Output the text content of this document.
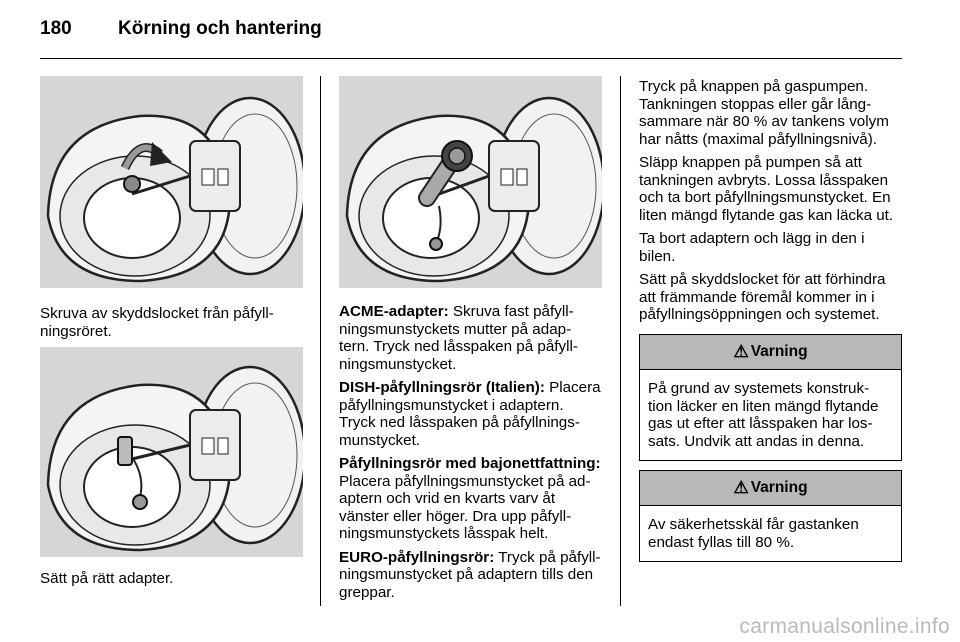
180 Körning och hantering
Skruva av skyddslocket från påfyll-
ningsröret.
Sätt på rätt adapter.

ACME-adapter: Skruva fast påfyll-
ningsmunstyckets mutter på adap-
tern. Tryck ned låsspaken på påfyll-
ningsmunstycket.

DISH-påfyllningsrör (Italien): Placera
påfyllningsmunstycket i adaptern.
Tryck ned låsspaken på påfyllnings-
munstycket.

Påfyllningsrör med bajonettfattning:
Placera påfyllningsmunstycket på ad-
aptern och vrid en kvarts varv åt
vänster eller höger. Dra upp påfyll-
ningsmunstyckets låsspak helt.

EURO-påfyllningsrör: Tryck på påfyll-
ningsmunstycket på adaptern tills den
greppar.

Tryck på knappen på gaspumpen.
Tankningen stoppas eller går lång-
sammare när 80 % av tankens volym
har nåtts (maximal påfyllningsnivå).

Släpp knappen på pumpen så att
tankningen avbryts. Lossa låsspaken
och ta bort påfyllningsmunstycket. En
liten mängd flytande gas kan läcka ut.

Ta bort adaptern och lägg in den i
bilen.

Sätt på skyddslocket för att förhindra
att främmande föremål kommer in i
påfyllningsöppningen och systemet.

⚠ Varning
På grund av systemets konstruk-
tion läcker en liten mängd flytande
gas ut efter att låsspaken har los-
sats. Undvik att andas in denna.
⚠ Varning
Av säkerhetsskäl får gastanken
endast fyllas till 80 %.
carmanualsonline.info
